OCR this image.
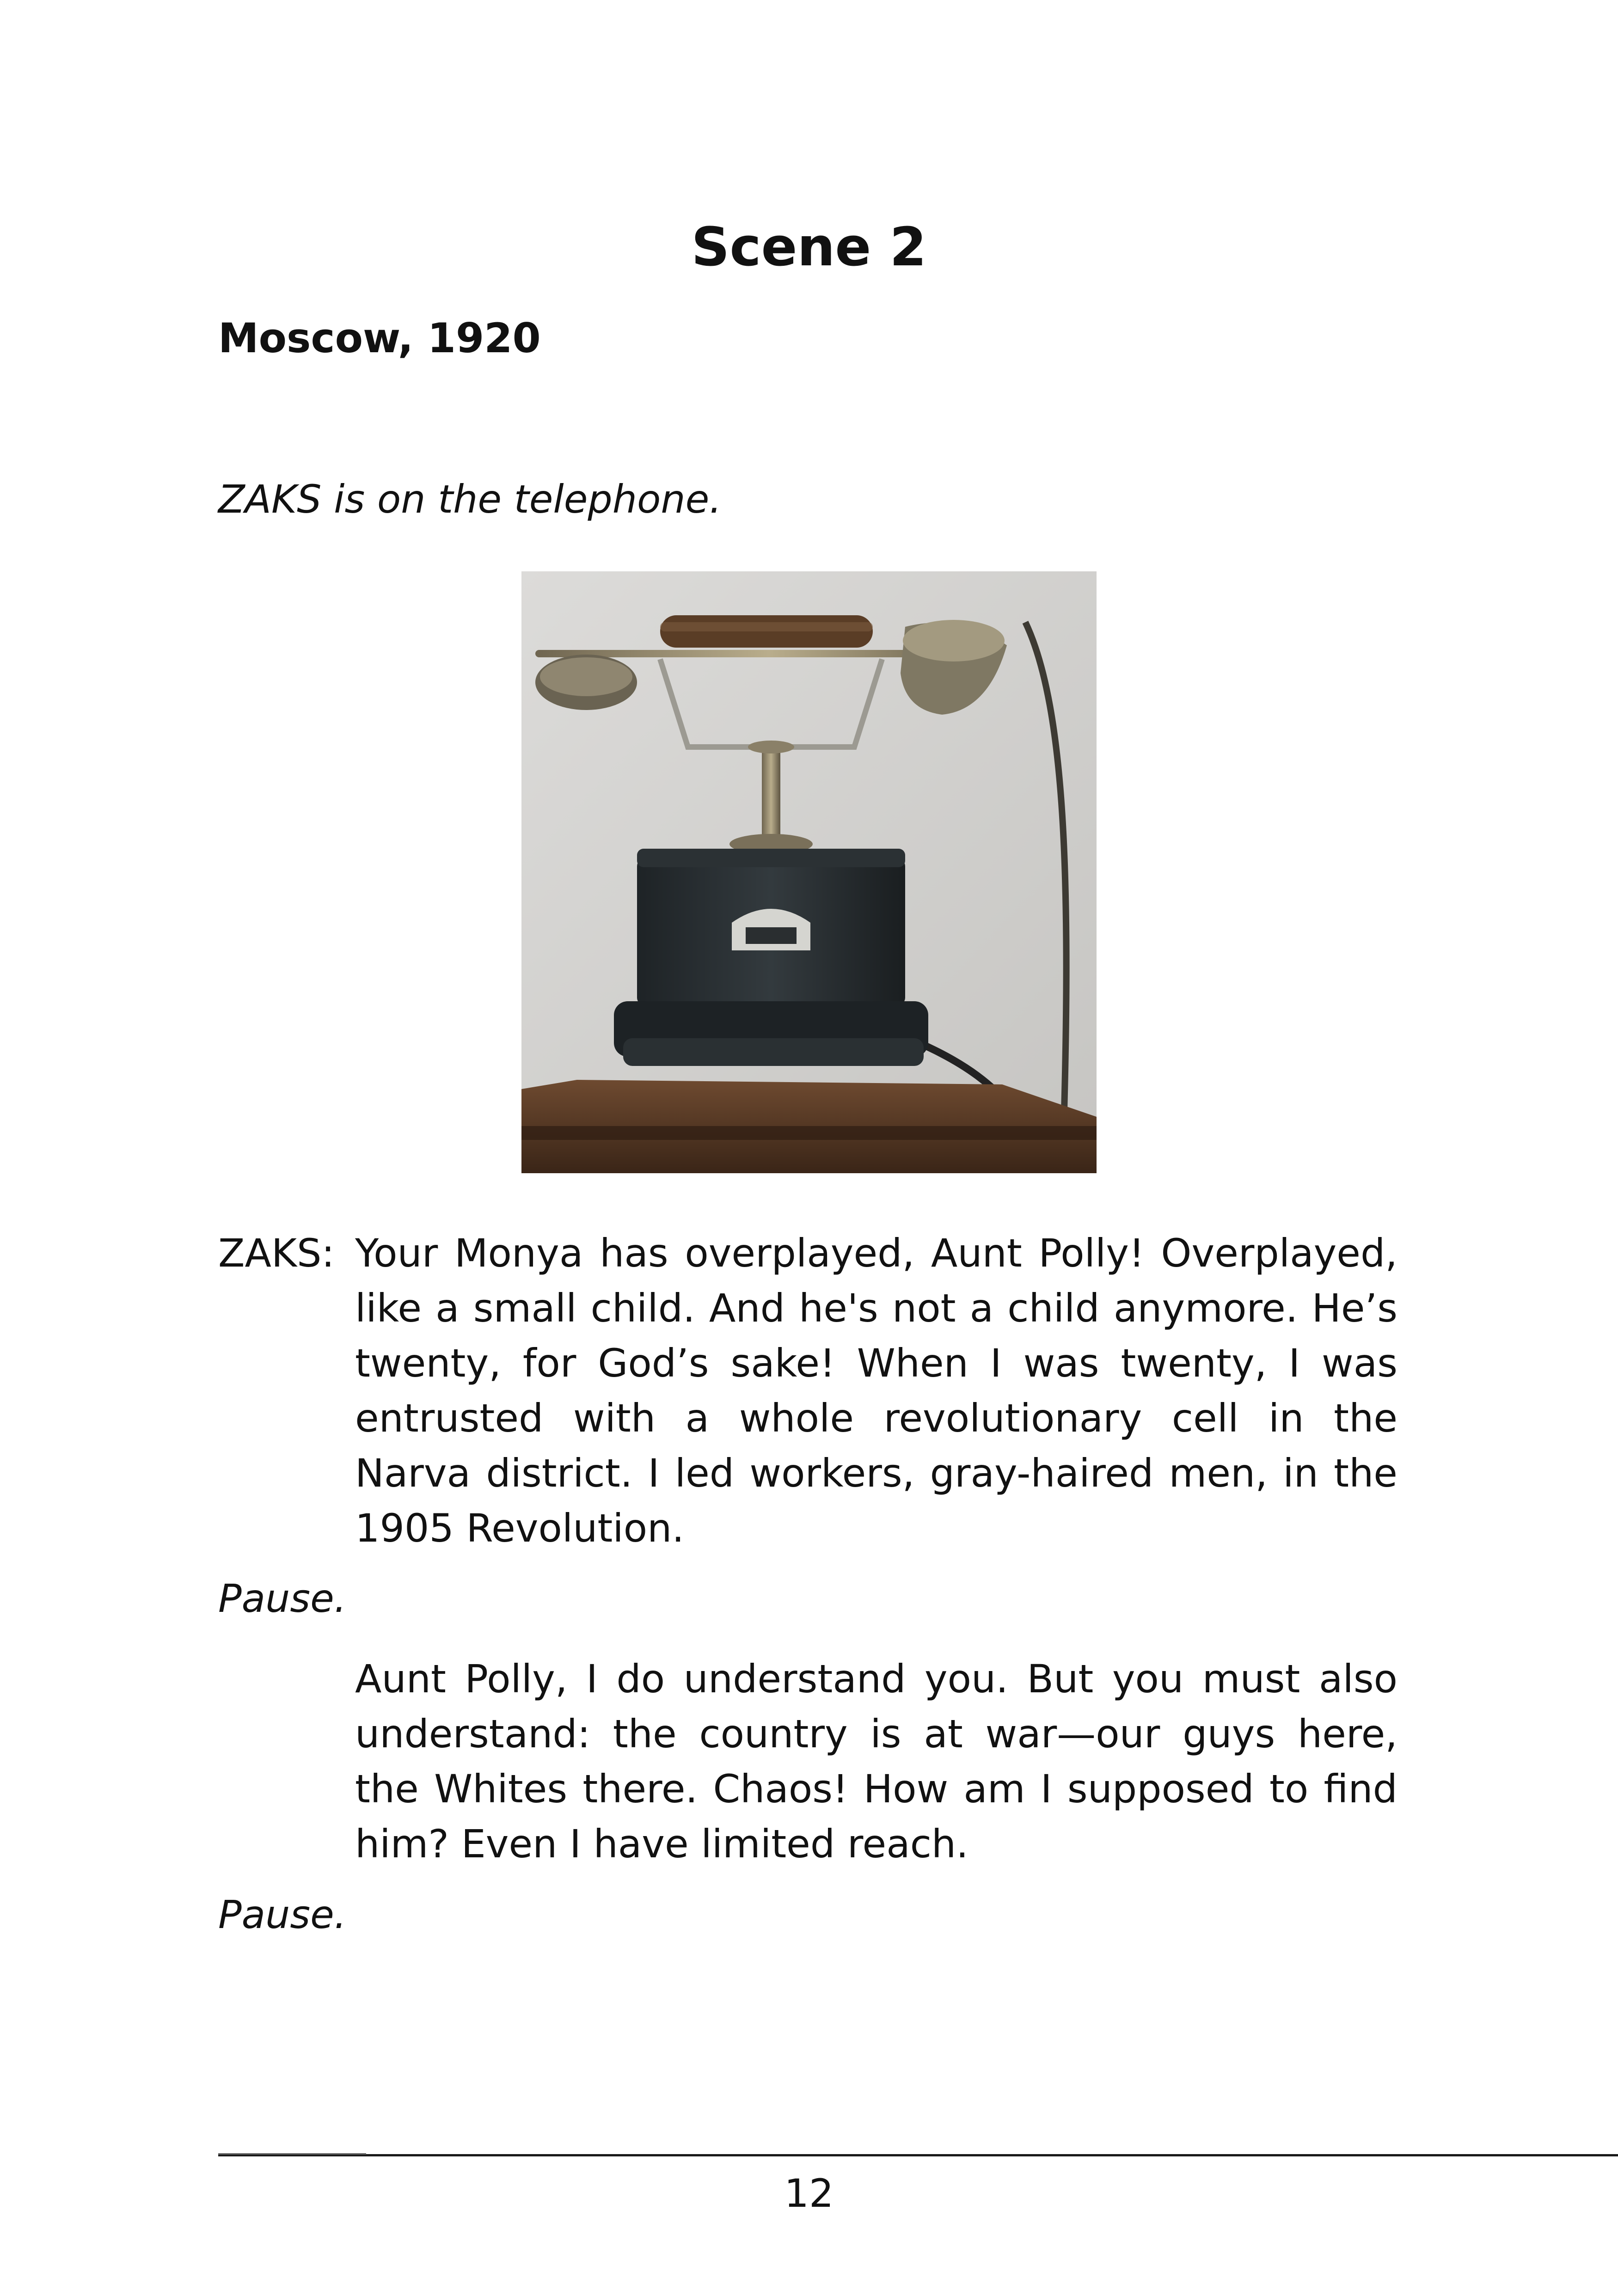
Scene 2
Moscow, 1920
ZAKS is on the telephone.
ZAKS: Your Monya has overplayed, Aunt Polly! Overplayed, like a small child. And he's not a child anymore. He’s twenty, for God’s sake! When I was twenty, I was entrusted with a whole revolutionary cell in the Narva district. I led workers, gray-haired men, in the 1905 Revolution.
Pause.
Aunt Polly, I do understand you. But you must also understand: the country is at war—our guys here, the Whites there. Chaos! How am I supposed to find him? Even I have limited reach.
Pause.
12
